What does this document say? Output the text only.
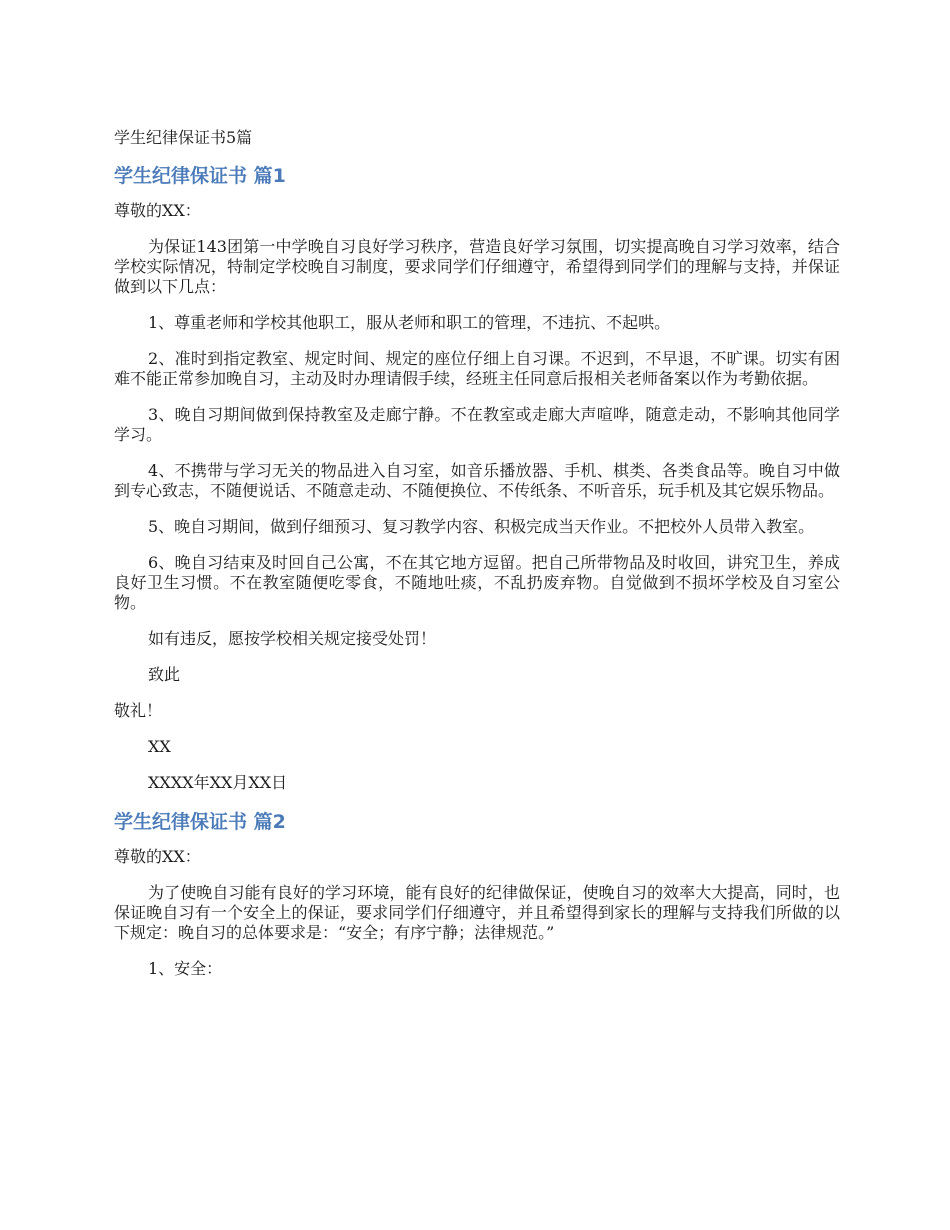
学生纪律保证书5篇
学生纪律保证书 篇1
尊敬的XX：
为保证143团第一中学晚自习良好学习秩序，营造良好学习氛围，切实提高晚自习学习效率，结合学校实际情况，特制定学校晚自习制度，要求同学们仔细遵守，希望得到同学们的理解与支持，并保证做到以下几点：
1、尊重老师和学校其他职工，服从老师和职工的管理，不违抗、不起哄。
2、准时到指定教室、规定时间、规定的座位仔细上自习课。不迟到，不早退，不旷课。切实有困难不能正常参加晚自习，主动及时办理请假手续，经班主任同意后报相关老师备案以作为考勤依据。
3、晚自习期间做到保持教室及走廊宁静。不在教室或走廊大声喧哗，随意走动，不影响其他同学学习。
4、不携带与学习无关的物品进入自习室，如音乐播放器、手机、棋类、各类食品等。晚自习中做到专心致志，不随便说话、不随意走动、不随便换位、不传纸条、不听音乐，玩手机及其它娱乐物品。
5、晚自习期间，做到仔细预习、复习教学内容、积极完成当天作业。不把校外人员带入教室。
6、晚自习结束及时回自己公寓，不在其它地方逗留。把自己所带物品及时收回，讲究卫生，养成良好卫生习惯。不在教室随便吃零食，不随地吐痰，不乱扔废弃物。自觉做到不损坏学校及自习室公物。
如有违反，愿按学校相关规定接受处罚！
致此
敬礼！
XX
XXXX年XX月XX日
学生纪律保证书 篇2
尊敬的XX：
为了使晚自习能有良好的学习环境，能有良好的纪律做保证，使晚自习的效率大大提高，同时，也保证晚自习有一个安全上的保证，要求同学们仔细遵守，并且希望得到家长的理解与支持我们所做的以下规定：晚自习的总体要求是：“安全；有序宁静；法律规范。”
1、安全：
